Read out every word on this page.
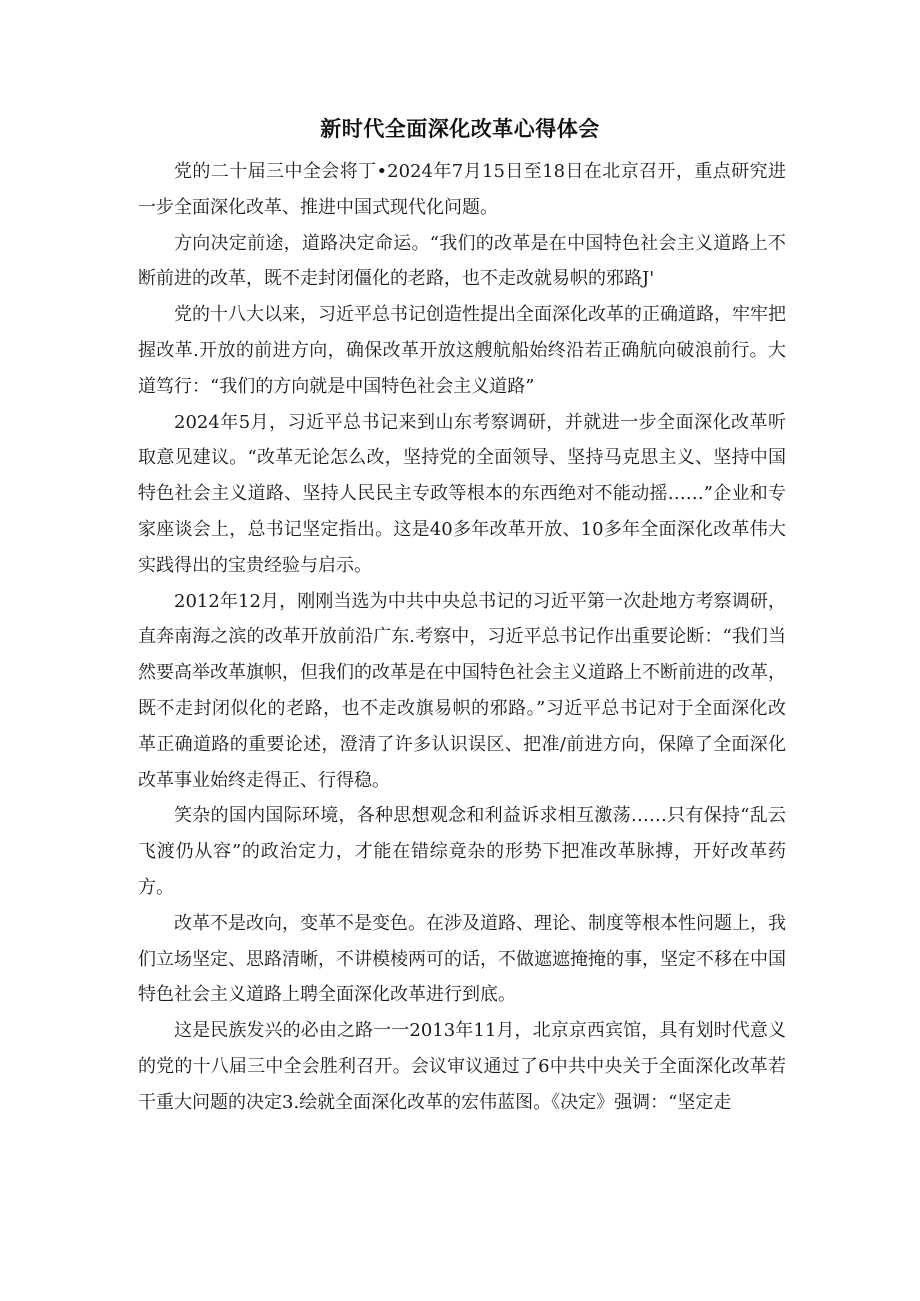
新时代全面深化改革心得体会

党的二十届三中全会将丁•2024年7月15日至18日在北京召开，重点研究进一步全面深化改革、推进中国式现代化问题。

方向决定前途，道路决定命运。“我们的改革是在中国特色社会主义道路上不断前进的改革，既不走封闭僵化的老路，也不走改就易帜的邪路J'

党的十八大以来，习近平总书记创造性提出全面深化改革的正确道路，牢牢把握改革.开放的前进方向，确保改革开放这艘航船始终沿若正确航向破浪前行。大道笃行：“我们的方向就是中国特色社会主义道路”

2024年5月，习近平总书记来到山东考察调研，并就进一步全面深化改革听取意见建议。“改革无论怎么改，坚持党的全面领导、坚持马克思主义、坚持中国特色社会主义道路、坚持人民民主专政等根本的东西绝对不能动摇……”企业和专家座谈会上，总书记坚定指出。这是40多年改革开放、10多年全面深化改革伟大实践得出的宝贵经验与启示。

2012年12月，刚刚当选为中共中央总书记的习近平第一次赴地方考察调研，直奔南海之滨的改革开放前沿广东.考察中，习近平总书记作出重要论断：“我们当然要高举改革旗帜，但我们的改革是在中国特色社会主义道路上不断前进的改革，既不走封闭似化的老路，也不走改旗易帜的邪路。”习近平总书记对于全面深化改革正确道路的重要论述，澄清了许多认识误区、把准/前进方向，保障了全面深化改革事业始终走得正、行得稳。

笑杂的国内国际环境，各种思想观念和利益诉求相互激荡……只有保持“乱云飞渡仍从容”的政治定力，才能在错综竟杂的形势下把准改革脉搏，开好改革药方。

改革不是改向，变革不是变色。在涉及道路、理论、制度等根本性问题上，我们立场坚定、思路清晰，不讲模棱两可的话，不做遮遮掩掩的事，坚定不移在中国特色社会主义道路上聘全面深化改革进行到底。

这是民族发兴的必由之路一一2013年11月，北京京西宾馆，具有划时代意义的党的十八届三中全会胜利召开。会议审议通过了6中共中央关于全面深化改革若干重大问题的决定3.绘就全面深化改革的宏伟蓝图。《决定》强调：“坚定走
